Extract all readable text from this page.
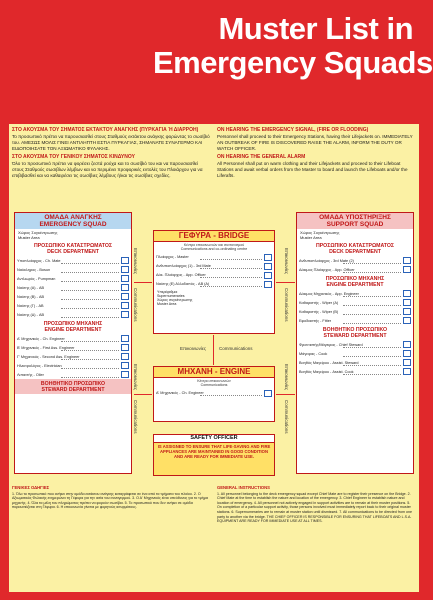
Muster List in
Emergency Squads
ΣΤΟ ΑΚΟΥΣΜΑ ΤΟΥ ΣΗΜΑΤΟΣ ΕΚΤΑΚΤΟΥ ΑΝΑΓΚΗΣ (ΠΥΡΚΑΓΙΑ Ή ΔΙΑΡΡΟΗ)

Το προσωπικό πρέπει να παρουσιασθεί στους Σταθμούς εκτάκτου ανάγκης φορώντας το σωσίβιό του. ΑΜΕΣΩΣ ΜΟΛΙΣ ΓΙΝΕΙ ΑΝΤΙΛΗΠΤΗ ΕΣΤΙΑ ΠΥΡΚΑΓΙΑΣ, ΣΗΜΑΝΑΤΕ ΣΥΝΑΓΕΡΜΟ ΚΑΙ ΕΙΔΟΠΟΙΗΣΑΤΕ ΤΟΝ ΑΞΙΩΜΑΤΙΚΟ ΦΥΛΑΚΗΣ.

ΣΤΟ ΑΚΟΥΣΜΑ ΤΟΥ ΓΕΝΙΚΟΥ ΣΗΜΑΤΟΣ ΚΙΝΔΥΝΟΥ

Όλο το προσωπικό πρέπει να φορέσει ζεστά ρούχα και το σωσίβιό του και να παρουσιασθεί στους Σταθμούς σωσιβίων λέμβων και να περιμένει προφορικές εντολές του Πλοιάρχου για να επιβιβασθεί και να καθαιρέσει τις σωσίβιες λέμβους ή/και τις σωσίβιες σχεδίες.

ON HEARING THE EMERGENCY SIGNAL, (FIRE OR FLOODING)

Personnel shall proceed to their Emergency Stations, having their Lifejackets on. IMMEDIATELY AN OUTBREAK OF FIRE IS DISCOVERED RAISE THE ALARM, INFORM THE DUTY OR WATCH OFFICER.

ON HEARING THE GENERAL ALARM

All Personnel shall put on warm clothing and their Lifejackets and proceed to their Lifeboat Stations and await verbal orders from the Master to board and launch the Lifeboats and/or the Liferafts.

ΟΜΑΔΑ ΑΝΑΓΚΗΣ
EMERGENCY SQUAD
Χώρος Συγκέντρωσης
Muster Area
ΠΡΟΣΩΠΙΚΟ ΚΑΤΑΣΤΡΩΜΑΤΟΣ
DECK DEPARTMENT
Υποπλοίαρχος - Ch. Mate
Ναύκληρος - Bosun
Αντλιωρός - Pumpman
Ναύτης (Α) - AB
Ναύτης (Β) - AB
Ναύτης (Γ) - AB
Ναύτης (Δ) - AB
ΠΡΟΣΩΠΙΚΟ ΜΗΧΑΝΗΣ
ENGINE DEPARTMENT
Α' Μηχανικός - Ch. Engineer
Β' Μηχανικός - First Ass. Engineer
Γ' Μηχανικός - Second Ass. Engineer
Ηλεκτρολόγος - Electrician
Λιπαντής - Oiler
ΒΟΗΘΗΤΙΚΟ ΠΡΟΣΩΠΙΚΟ
STEWARD DEPARTMENT
ΟΜΑΔΑ ΥΠΟΣΤΗΡΙΞΗΣ
SUPPORT SQUAD
Χώρος Συγκέντρωσης
Muster Area
ΠΡΟΣΩΠΙΚΟ ΚΑΤΑΣΤΡΩΜΑΤΟΣ
DECK DEPARTMENT
Ανθυποπλοίαρχος - 3rd Mate (2)
Δόκιμος Πλοίαρχος - App. Officer
ΠΡΟΣΩΠΙΚΟ ΜΗΧΑΝΗΣ
ENGINE DEPARTMENT
Δόκιμος Μηχανικός - App. Engineer
Καθαριστής - Wiper (Α)
Καθαριστής - Wiper (Β)
Εφοδιαστής - Fitter
ΒΟΗΘΗΤΙΚΟ ΠΡΟΣΩΠΙΚΟ
STEWARD DEPARTMENT
Φροντιστής/Μάγειρας - Chief Steward
Μάγειρας - Cook
Βοηθός Μαγείρου - Assist. Steward
Βοηθός Μαγείρου - Assist. Cook
ΓΕΦΥΡΑ - BRIDGE
Κέντρο επικοινωνιών και συντονισμού
Communications and co-ordinating centre
Πλοίαρχος - Master
Ανθυποπλοίαρχος (1) - 3rd Mate
Δόκ. Πλοίαρχος - App. Officer
Ναύτης (Ε) Αλλοδαπός - AB (Α)
Υπεράριθμοι
Supernumeraries
Χώρος συγκέντρωσης
Muster Area
ΜΗΧΑΝΗ - ENGINE
Κέντρο επικοινωνιών
Communications
Α' Μηχανικός - Ch. Engineer
SAFETY OFFICER
IS ASSIGNED TO ENSURE THAT LIFE-SAVING AND FIRE APPLIANCES ARE MAINTAINED IN GOOD CONDITION AND ARE READY FOR IMMEDIATE USE.
Επικοινωνίες	Communications
Επικοινωνίες
Communications
Επικοινωνίες
Communications
Επικοινωνίες
Communications
Επικοινωνίες
Communications
ΓΕΝΙΚΕΣ ΟΔΗΓΙΕΣ
1. Όλο το προσωπικό που ανήκει στην ομάδα εκτάκτου ανάγκης καταγράφεται σε ένα από τα τμήματα του πλοίου. 2. Ο Αξιωματικός Φυλακής ενημερώνει τη Γέφυρα για την αιτία του συναγερμού. 3. Ο Α' Μηχανικός είναι υπεύθυνος για το τμήμα μηχανής. 4. Όλα τα μέλη του πληρώματος πρέπει να φορούν σωσίβια. 5. Το προσωπικό που δεν ανήκει σε ομάδα παρουσιάζεται στη Γέφυρα. 6. Η επικοινωνία γίνεται με φορητούς ασυρμάτους.
GENERAL INSTRUCTIONS
1. All personnel belonging to the deck emergency squad except Chief Mate are to register their presence on the Bridge. 2. Chief Mate at the time to establish the nature and location of the emergency. 3. Chief Engineer to establish nature and location of emergency. 4. All personnel not actively engaged in support activities are to remain at their muster positions. 5. On completion of a particular support activity, those persons involved must immediately report back to their original muster stations. 6. Supernumeraries are to remain at muster station until dismissed. 7. All communications to be directed from one party to another via the bridge. THE CHIEF OFFICER IS RESPONSIBLE FOR ENSURING THAT LIFEBOATS AND L.S.A. EQUIPMENT ARE READY FOR IMMEDIATE USE AT ALL TIMES.
